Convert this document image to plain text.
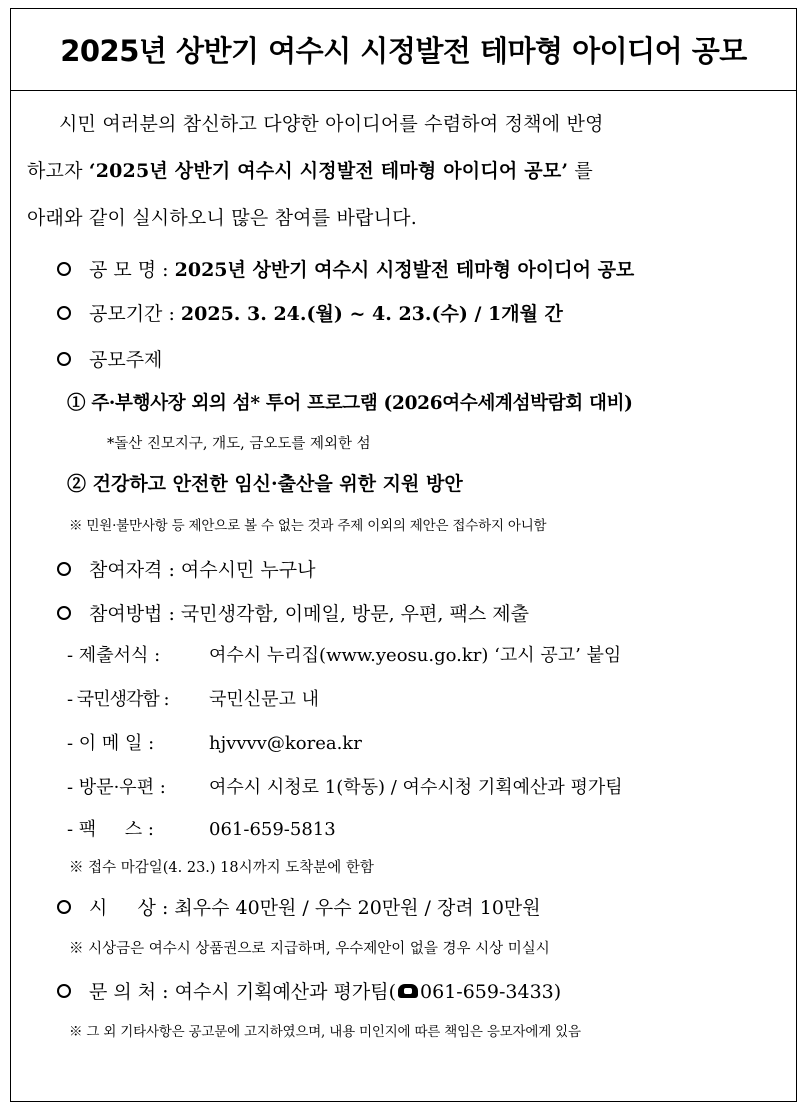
2025년 상반기 여수시 시정발전 테마형 아이디어 공모
시민 여러분의 참신하고 다양한 아이디어를 수렴하여 정책에 반영
하고자 ‘2025년 상반기 여수시 시정발전 테마형 아이디어 공모’ 를
아래와 같이 실시하오니 많은 참여를 바랍니다.
공 모 명 : 2025년 상반기 여수시 시정발전 테마형 아이디어 공모
공모기간 : 2025. 3. 24.(월) ~ 4. 23.(수) / 1개월 간
공모주제
① 주·부행사장 외의 섬* 투어 프로그램 (2026여수세계섬박람회 대비)
*돌산 진모지구, 개도, 금오도를 제외한 섬
② 건강하고 안전한 임신·출산을 위한 지원 방안
※ 민원·불만사항 등 제안으로 볼 수 없는 것과 주제 이외의 제안은 접수하지 아니함
참여자격 : 여수시민 누구나
참여방법 : 국민생각함, 이메일, 방문, 우편, 팩스 제출
- 제출서식 :	여수시 누리집(www.yeosu.go.kr) ‘고시 공고’ 붙임
- 국민생각함 : 국민신문고 내
- 이 메 일 :	hjvvvv@korea.kr
- 방문·우편 : 여수시 시청로 1(학동) / 여수시청 기획예산과 평가팀
- 팩     스 :	061-659-5813
※ 접수 마감일(4. 23.) 18시까지 도착분에 한함
시     상 : 최우수 40만원 / 우수 20만원 / 장려 10만원
※ 시상금은 여수시 상품권으로 지급하며, 우수제안이 없을 경우 시상 미실시
문 의 처 : 여수시 기획예산과 평가팀( 061-659-3433)
※ 그 외 기타사항은 공고문에 고지하였으며, 내용 미인지에 따른 책임은 응모자에게 있음
